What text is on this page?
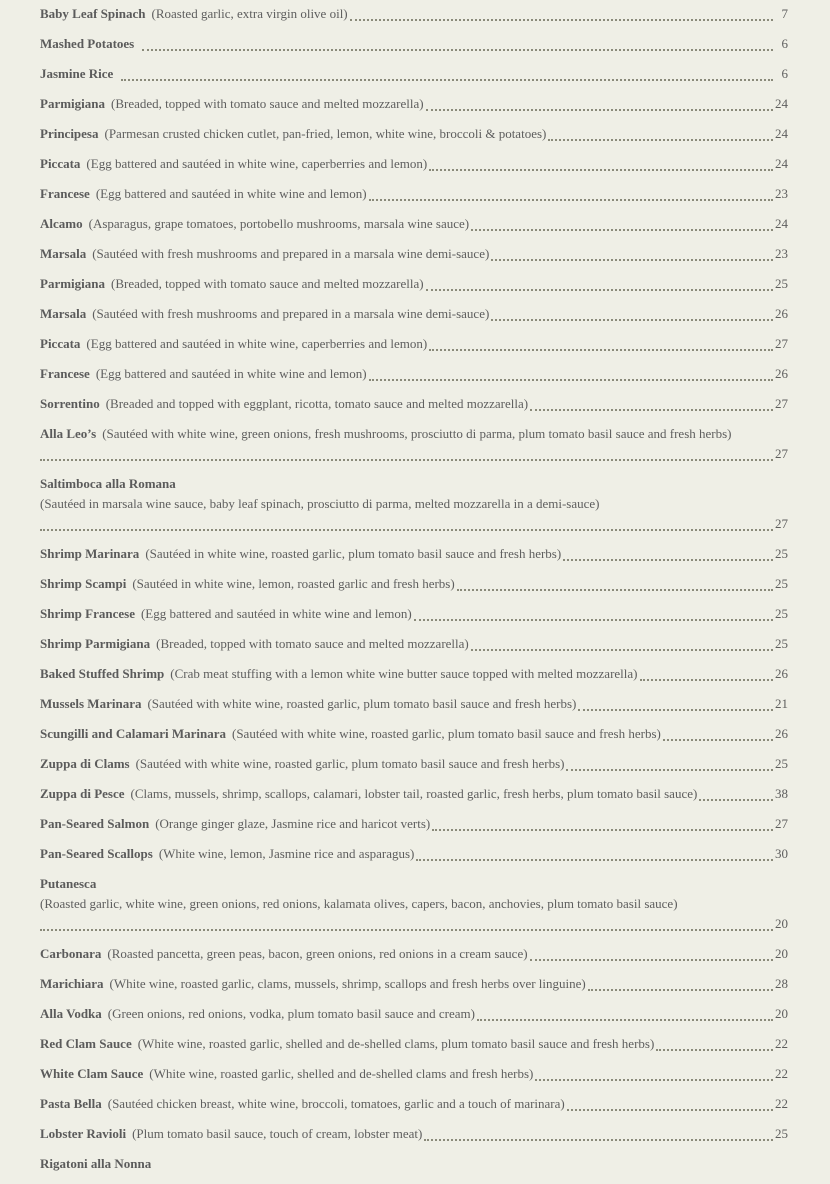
Baby Leaf Spinach (Roasted garlic, extra virgin olive oil)	7
Mashed Potatoes	6
Jasmine Rice	6
Parmigiana (Breaded, topped with tomato sauce and melted mozzarella)	24
Principesa (Parmesan crusted chicken cutlet, pan-fried, lemon, white wine, broccoli & potatoes)	24
Piccata (Egg battered and sautéed in white wine, caperberries and lemon)	24
Francese (Egg battered and sautéed in white wine and lemon)	23
Alcamo (Asparagus, grape tomatoes, portobello mushrooms, marsala wine sauce)	24
Marsala (Sautéed with fresh mushrooms and prepared in a marsala wine demi-sauce)	23
Parmigiana (Breaded, topped with tomato sauce and melted mozzarella)	25
Marsala (Sautéed with fresh mushrooms and prepared in a marsala wine demi-sauce)	26
Piccata (Egg battered and sautéed in white wine, caperberries and lemon)	27
Francese (Egg battered and sautéed in white wine and lemon)	26
Sorrentino (Breaded and topped with eggplant, ricotta, tomato sauce and melted mozzarella)	27
Alla Leo’s (Sautéed with white wine, green onions, fresh mushrooms, prosciutto di parma, plum tomato basil sauce and fresh herbs)
27
Saltimboca alla Romana
(Sautéed in marsala wine sauce, baby leaf spinach, prosciutto di parma, melted mozzarella in a demi-sauce)
27
Shrimp Marinara (Sautéed in white wine, roasted garlic, plum tomato basil sauce and fresh herbs)	25
Shrimp Scampi (Sautéed in white wine, lemon, roasted garlic and fresh herbs)	25
Shrimp Francese (Egg battered and sautéed in white wine and lemon)	25
Shrimp Parmigiana (Breaded, topped with tomato sauce and melted mozzarella)	25
Baked Stuffed Shrimp (Crab meat stuffing with a lemon white wine butter sauce topped with melted mozzarella)	26
Mussels Marinara (Sautéed with white wine, roasted garlic, plum tomato basil sauce and fresh herbs)	21
Scungilli and Calamari Marinara (Sautéed with white wine, roasted garlic, plum tomato basil sauce and fresh herbs)	26
Zuppa di Clams (Sautéed with white wine, roasted garlic, plum tomato basil sauce and fresh herbs)	25
Zuppa di Pesce (Clams, mussels, shrimp, scallops, calamari, lobster tail, roasted garlic, fresh herbs, plum tomato basil sauce)	38
Pan-Seared Salmon (Orange ginger glaze, Jasmine rice and haricot verts)	27
Pan-Seared Scallops (White wine, lemon, Jasmine rice and asparagus)	30
Putanesca
(Roasted garlic, white wine, green onions, red onions, kalamata olives, capers, bacon, anchovies, plum tomato basil sauce)
20
Carbonara (Roasted pancetta, green peas, bacon, green onions, red onions in a cream sauce)	20
Marichiara (White wine, roasted garlic, clams, mussels, shrimp, scallops and fresh herbs over linguine)	28
Alla Vodka (Green onions, red onions, vodka, plum tomato basil sauce and cream)	20
Red Clam Sauce (White wine, roasted garlic, shelled and de-shelled clams, plum tomato basil sauce and fresh herbs)	22
White Clam Sauce (White wine, roasted garlic, shelled and de-shelled clams and fresh herbs)	22
Pasta Bella (Sautéed chicken breast, white wine, broccoli, tomatoes, garlic and a touch of marinara)	22
Lobster Ravioli (Plum tomato basil sauce, touch of cream, lobster meat)	25
Rigatoni alla Nonna
